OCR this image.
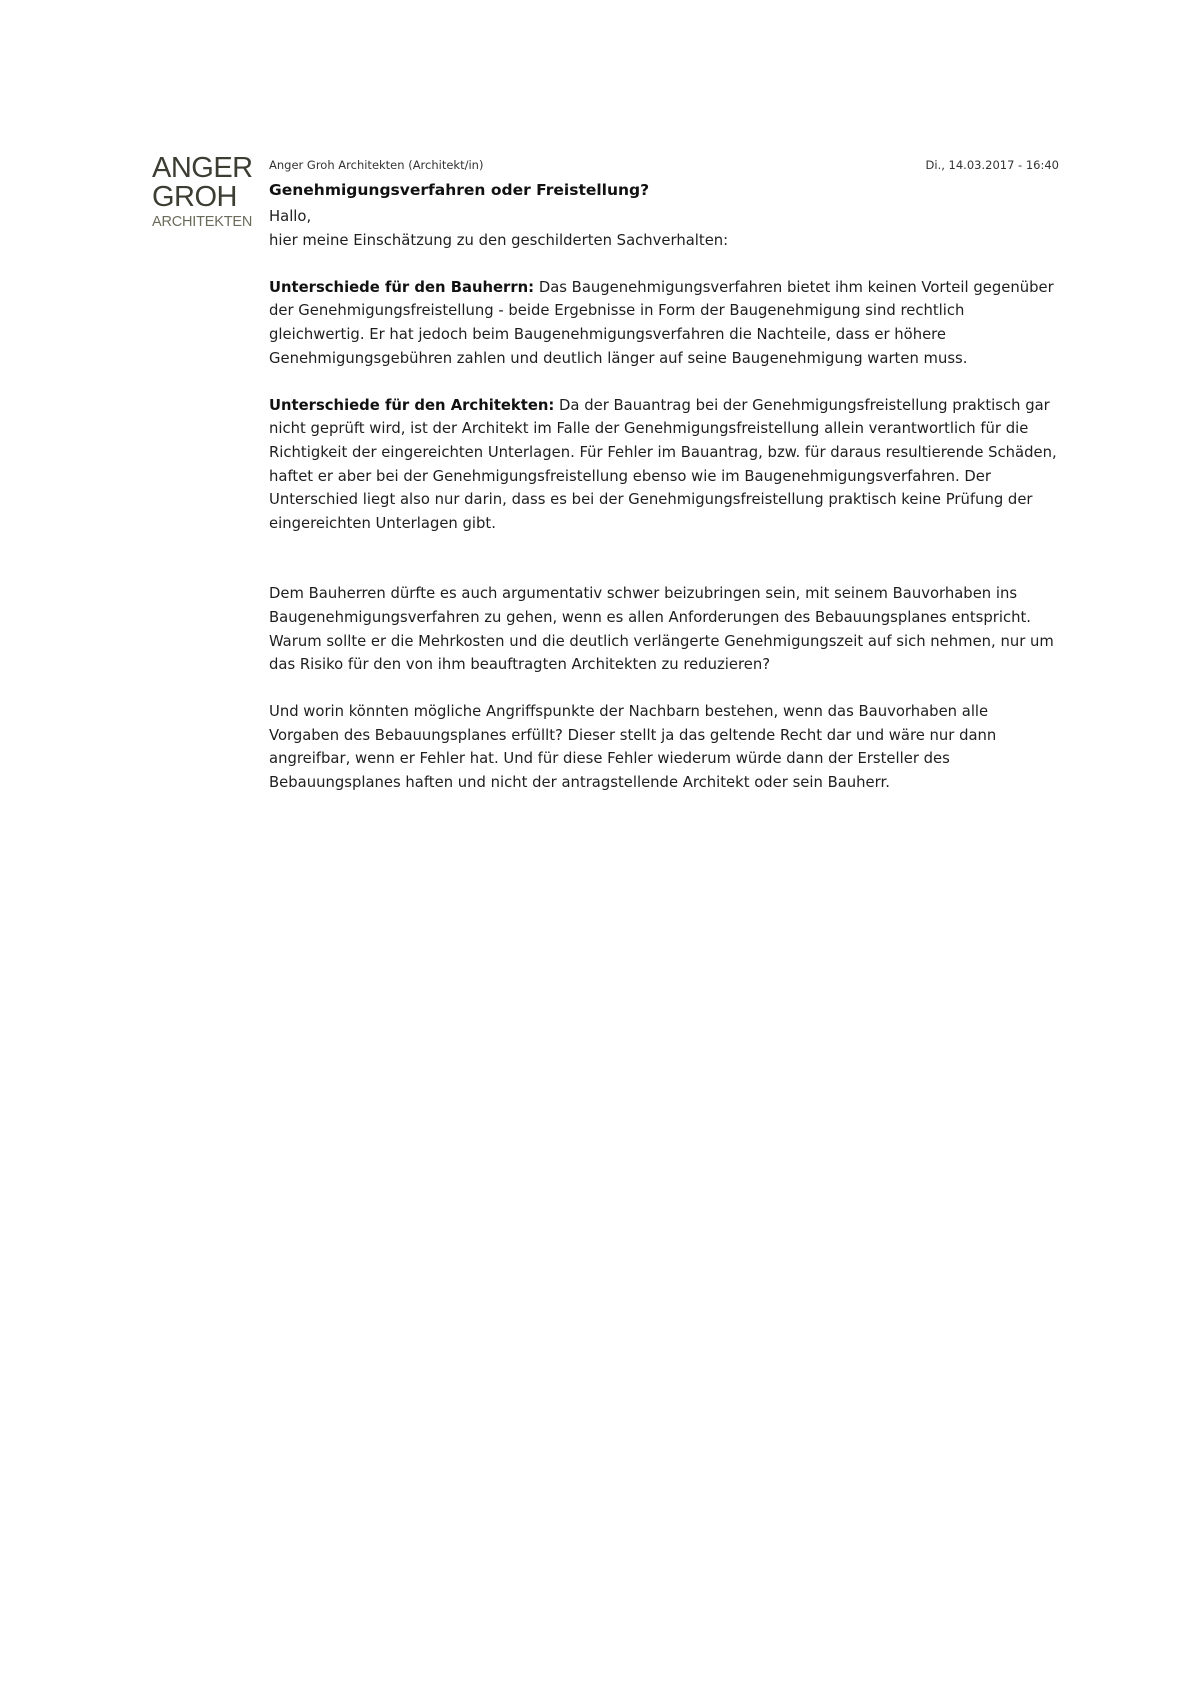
ANGER
GROH
ARCHITEKTEN
Anger Groh Architekten (Architekt/in)	Di., 14.03.2017 - 16:40
Genehmigungsverfahren oder Freistellung?

Hallo,

hier meine Einschätzung zu den geschilderten Sachverhalten:

Unterschiede für den Bauherrn: Das Baugenehmigungsverfahren bietet ihm keinen Vorteil gegenüber der Genehmigungsfreistellung - beide Ergebnisse in Form der Baugenehmigung sind rechtlich gleichwertig. Er hat jedoch beim Baugenehmigungsverfahren die Nachteile, dass er höhere Genehmigungsgebühren zahlen und deutlich länger auf seine Baugenehmigung warten muss.

Unterschiede für den Architekten: Da der Bauantrag bei der Genehmigungsfreistellung praktisch gar nicht geprüft wird, ist der Architekt im Falle der Genehmigungsfreistellung allein verantwortlich für die Richtigkeit der eingereichten Unterlagen. Für Fehler im Bauantrag, bzw. für daraus resultierende Schäden, haftet er aber bei der Genehmigungsfreistellung ebenso wie im Baugenehmigungsverfahren. Der Unterschied liegt also nur darin, dass es bei der Genehmigungsfreistellung praktisch keine Prüfung der eingereichten Unterlagen gibt.

Dem Bauherren dürfte es auch argumentativ schwer beizubringen sein, mit seinem Bauvorhaben ins Baugenehmigungsverfahren zu gehen, wenn es allen Anforderungen des Bebauungsplanes entspricht. Warum sollte er die Mehrkosten und die deutlich verlängerte Genehmigungszeit auf sich nehmen, nur um das Risiko für den von ihm beauftragten Architekten zu reduzieren?

Und worin könnten mögliche Angriffspunkte der Nachbarn bestehen, wenn das Bauvorhaben alle Vorgaben des Bebauungsplanes erfüllt? Dieser stellt ja das geltende Recht dar und wäre nur dann angreifbar, wenn er Fehler hat. Und für diese Fehler wiederum würde dann der Ersteller des Bebauungsplanes haften und nicht der antragstellende Architekt oder sein Bauherr.
